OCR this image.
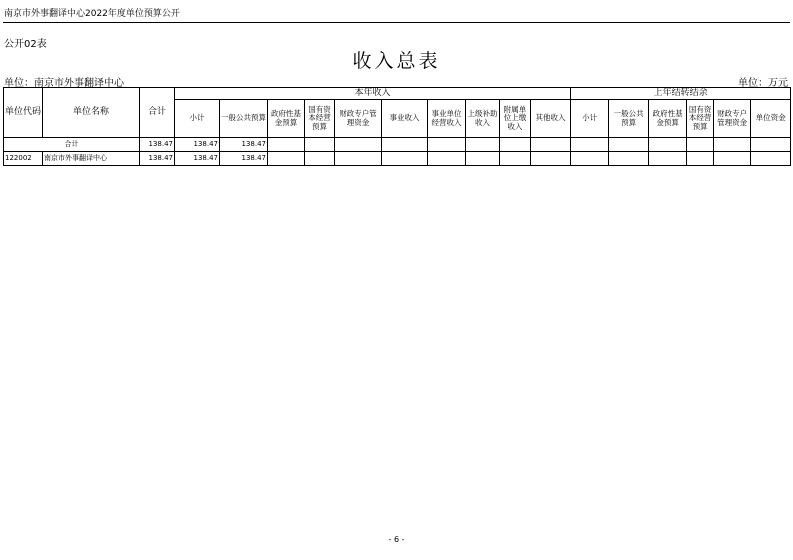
南京市外事翻译中心2022年度单位预算公开
公开02表
收入总表
单位：南京市外事翻译中心	单位：万元
单位代码	单位名称	合计	本年收入										上年结转结余					
			小计	一般公共预算	政府性基金预算	国有资本经营预算	财政专户管理资金	事业收入	事业单位经营收入	上级补助收入	附属单位上缴收入	其他收入	小计	一般公共预算	政府性基金预算	国有资本经营预算	财政专户管理资金	单位资金
合计		138.47	138.47	138.47														
122002	南京市外事翻译中心	138.47	138.47	138.47														
- 6 -
